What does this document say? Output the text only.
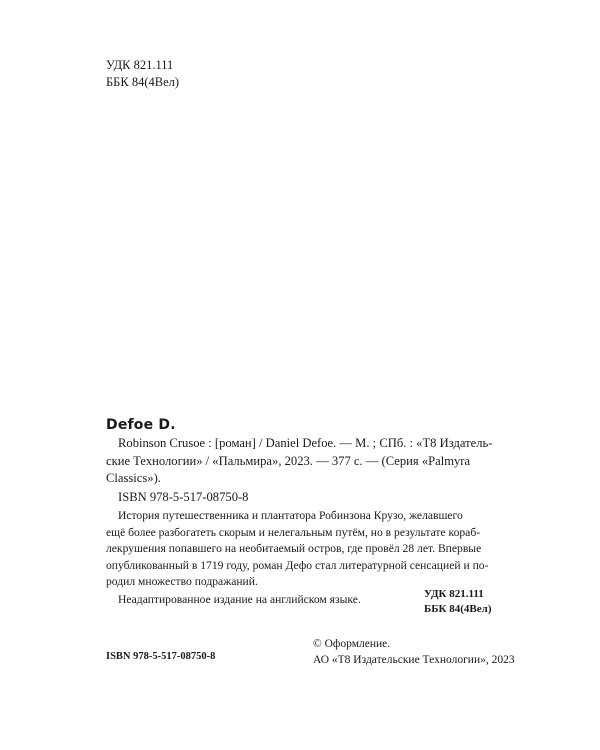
УДК 821.111
ББК 84(4Вел)
Defoe D.
Robinson Crusoe : [роман] / Daniel Defoe. — М. ; СПб. : «Т8 Издатель-
ские Технологии» / «Пальмира», 2023. — 377 с. — (Серия «Palmyra
Classics»).
ISBN 978-5-517-08750-8
История путешественника и плантатора Робинзона Крузо, желавшего
ещё более разбогатеть скорым и нелегальным путём, но в результате кораб-
лекрушения попавшего на необитаемый остров, где провёл 28 лет. Впервые
опубликованный в 1719 году, роман Дефо стал литературной сенсацией и по-
родил множество подражаний.
Неадаптированное издание на английском языке.	УДК 821.111
ББК 84(4Вел)
ISBN 978-5-517-08750-8
© Оформление.
АО «Т8 Издательские Технологии», 2023
